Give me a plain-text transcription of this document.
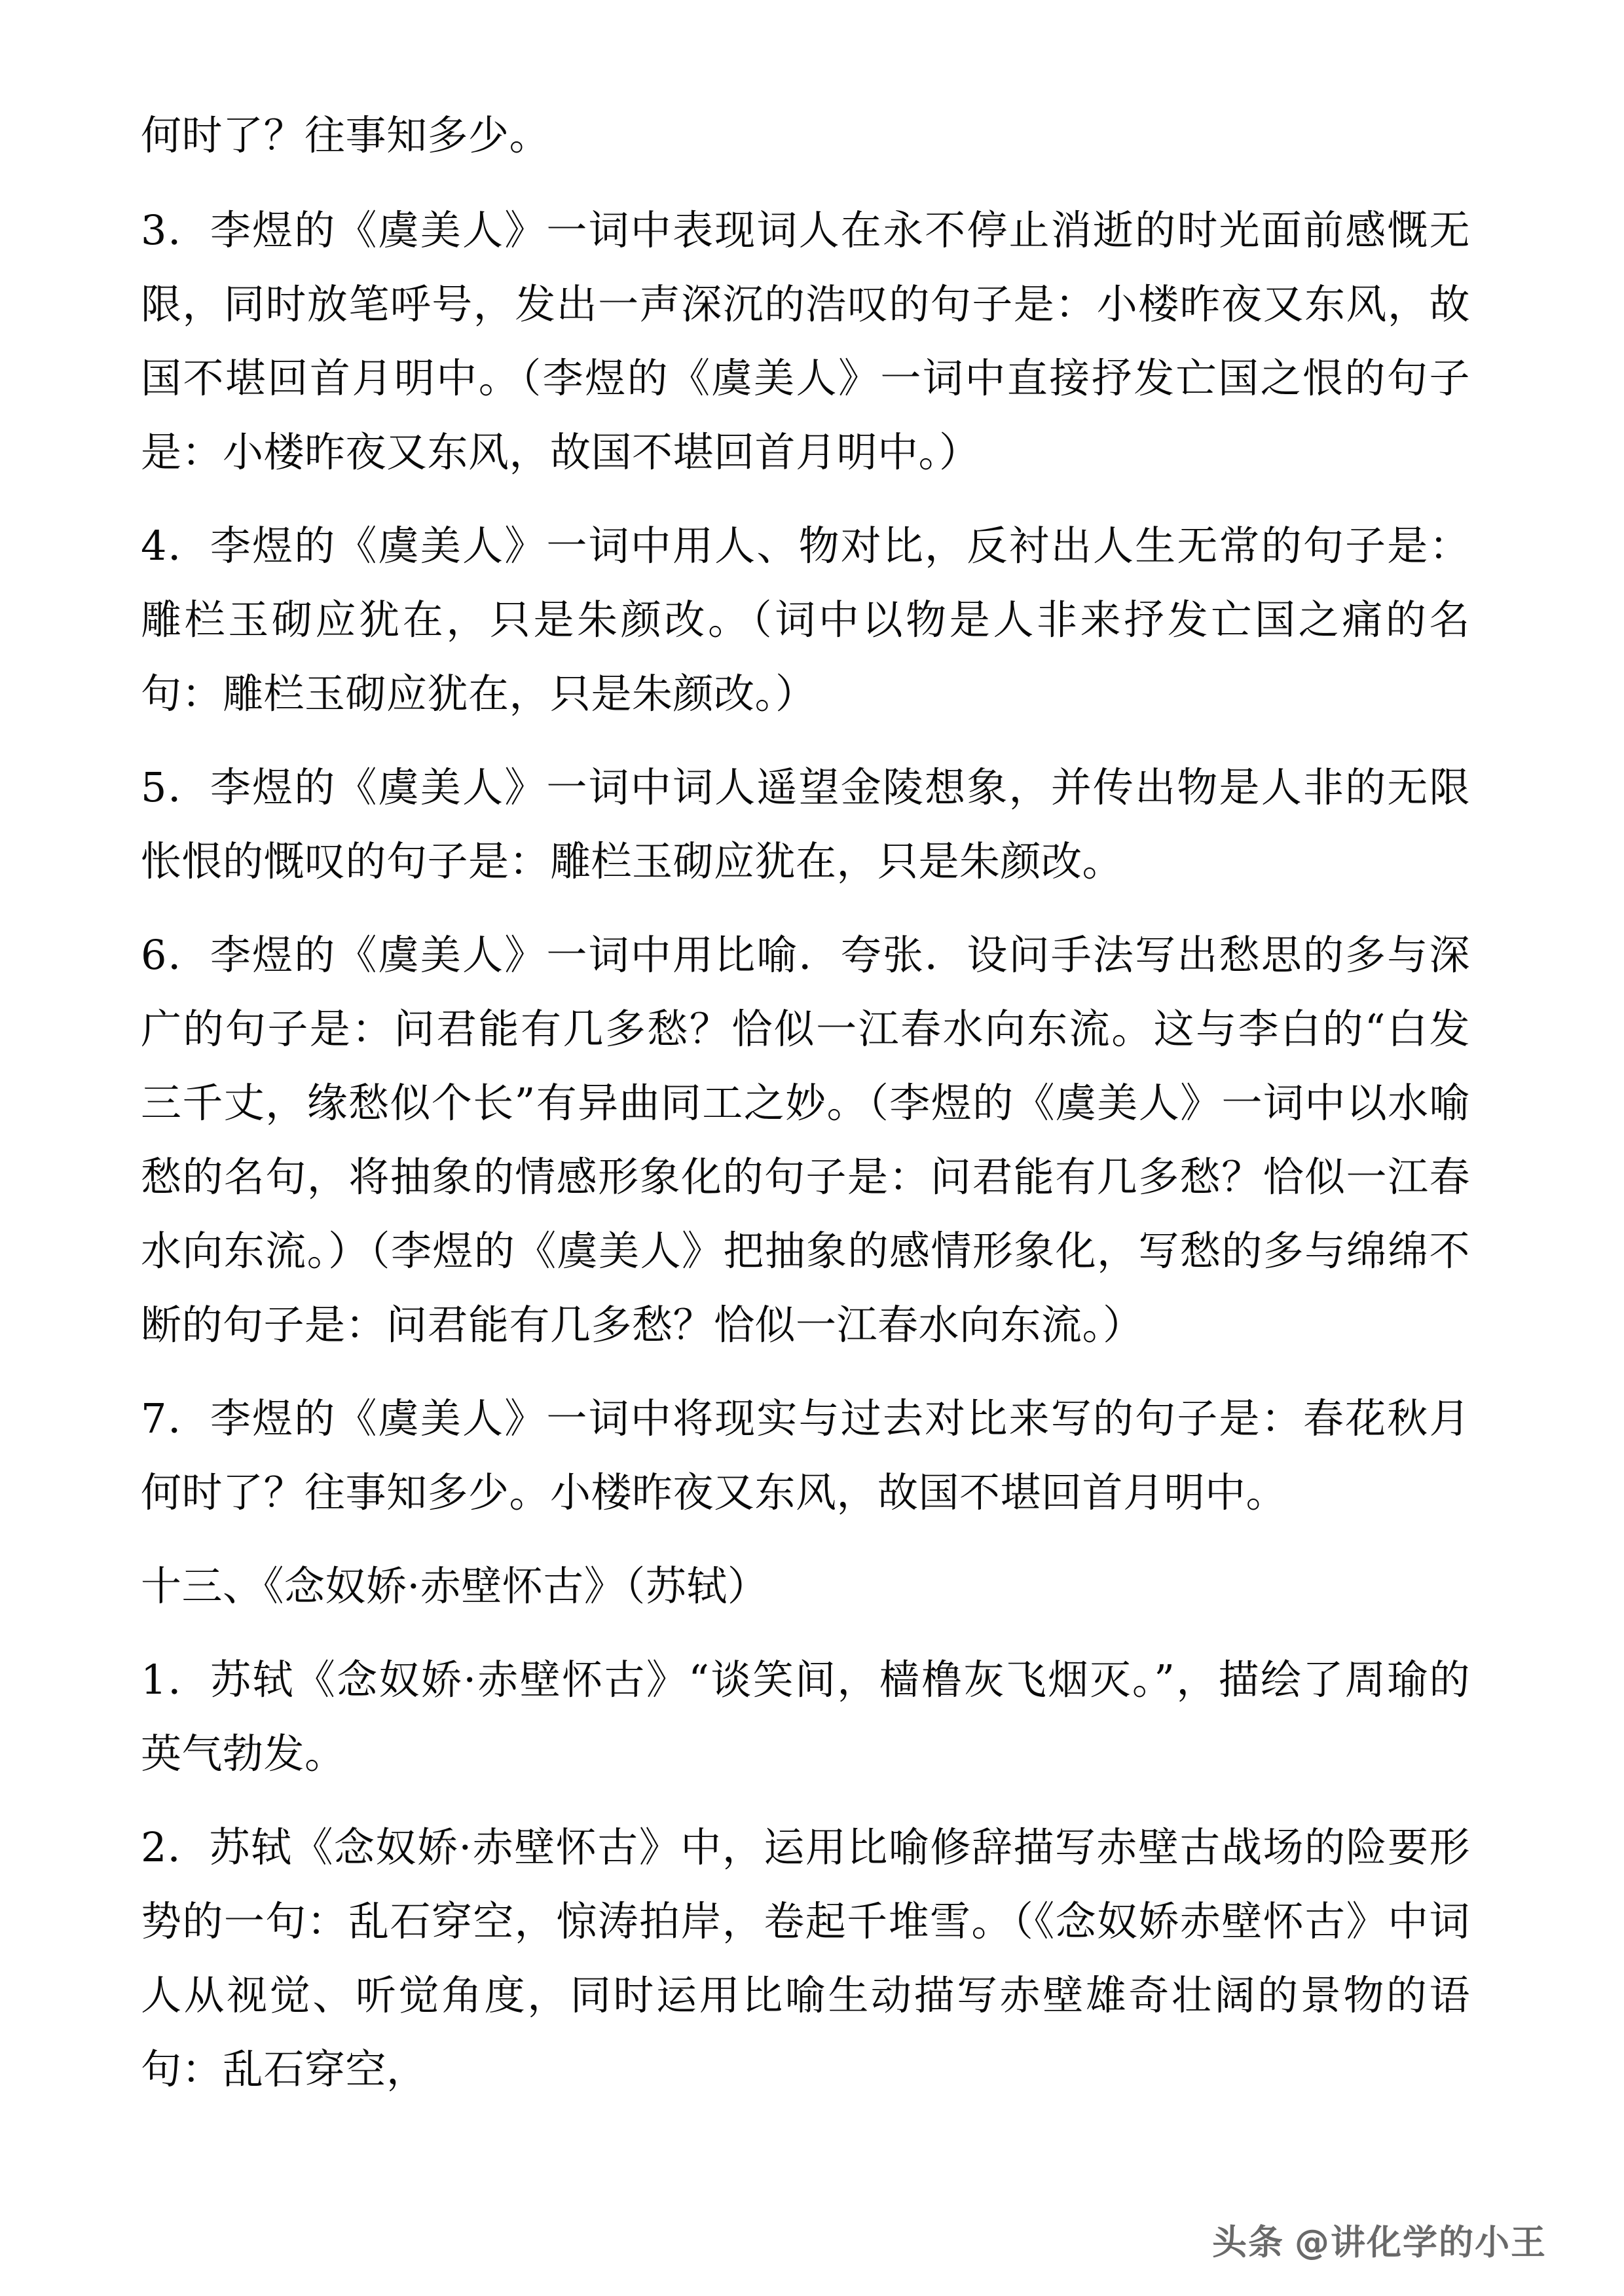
何时了？往事知多少。

3．李煜的《虞美人》一词中表现词人在永不停止消逝的时光面前感慨无限，同时放笔呼号，发出一声深沉的浩叹的句子是：小楼昨夜又东风，故国不堪回首月明中。（李煜的《虞美人》一词中直接抒发亡国之恨的句子是：小楼昨夜又东风，故国不堪回首月明中。）

4．李煜的《虞美人》一词中用人、物对比，反衬出人生无常的句子是：雕栏玉砌应犹在，只是朱颜改。（词中以物是人非来抒发亡国之痛的名句：雕栏玉砌应犹在，只是朱颜改。）

5．李煜的《虞美人》一词中词人遥望金陵想象，并传出物是人非的无限怅恨的慨叹的句子是：雕栏玉砌应犹在，只是朱颜改。

6．李煜的《虞美人》一词中用比喻．夸张．设问手法写出愁思的多与深广的句子是：问君能有几多愁？恰似一江春水向东流。这与李白的“白发三千丈，缘愁似个长”有异曲同工之妙。（李煜的《虞美人》一词中以水喻愁的名句，将抽象的情感形象化的句子是：问君能有几多愁？恰似一江春水向东流。）（李煜的《虞美人》把抽象的感情形象化，写愁的多与绵绵不断的句子是：问君能有几多愁？恰似一江春水向东流。）

7．李煜的《虞美人》一词中将现实与过去对比来写的句子是：春花秋月何时了？往事知多少。小楼昨夜又东风，故国不堪回首月明中。

十三、《念奴娇·赤壁怀古》（苏轼）

1．苏轼《念奴娇·赤壁怀古》“谈笑间，樯橹灰飞烟灭。”，描绘了周瑜的英气勃发。

2．苏轼《念奴娇·赤壁怀古》中，运用比喻修辞描写赤壁古战场的险要形势的一句：乱石穿空，惊涛拍岸，卷起千堆雪。（《念奴娇赤壁怀古》中词人从视觉、听觉角度，同时运用比喻生动描写赤壁雄奇壮阔的景物的语句：乱石穿空，

头条 @讲化学的小王
